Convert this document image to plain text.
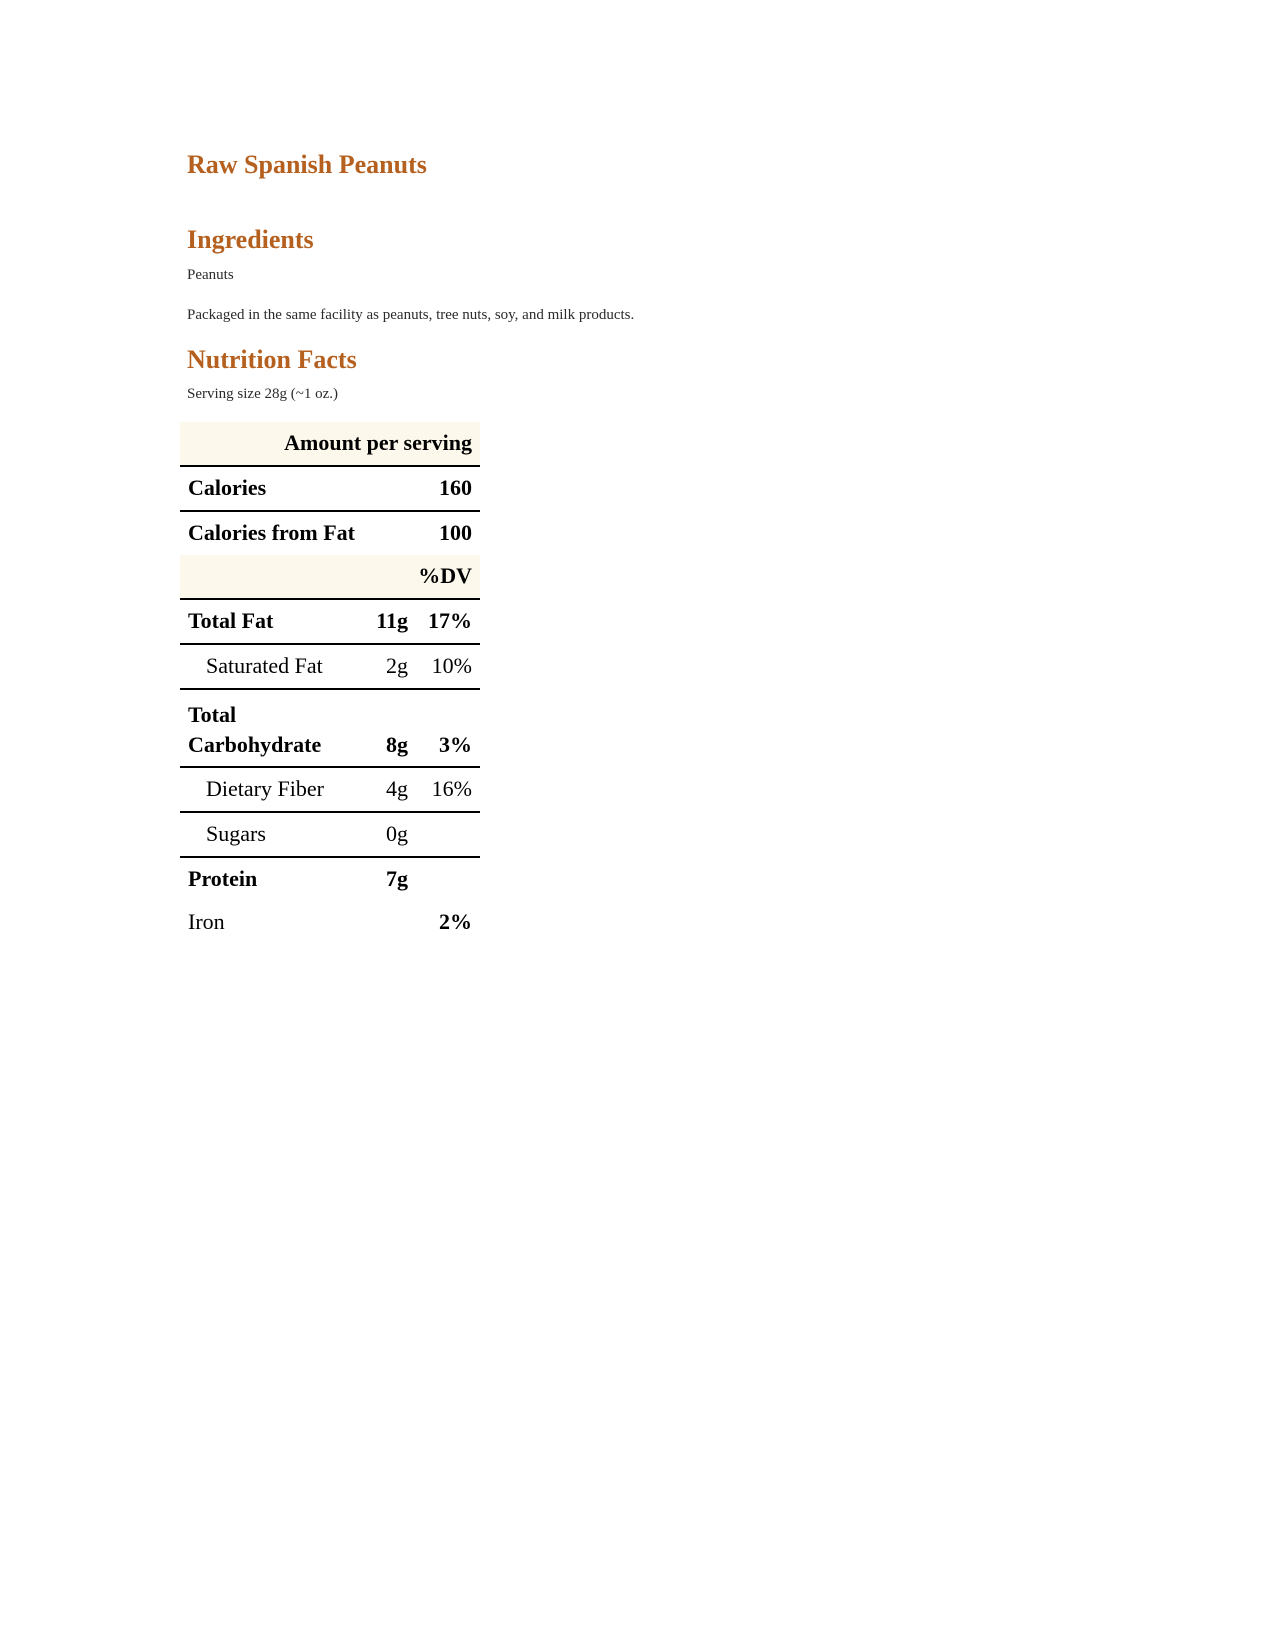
Raw Spanish Peanuts
Ingredients

Peanuts

Packaged in the same facility as peanuts, tree nuts, soy, and milk products.

Nutrition Facts

Serving size 28g (~1 oz.)

Amount per serving		
Calories		160
Calories from Fat		100
%DV		
Total Fat	11g	17%
Saturated Fat	2g	10%
Total Carbohydrate	8g	3%
Dietary Fiber	4g	16%
Sugars	0g	
Protein	7g	
Iron		2%
